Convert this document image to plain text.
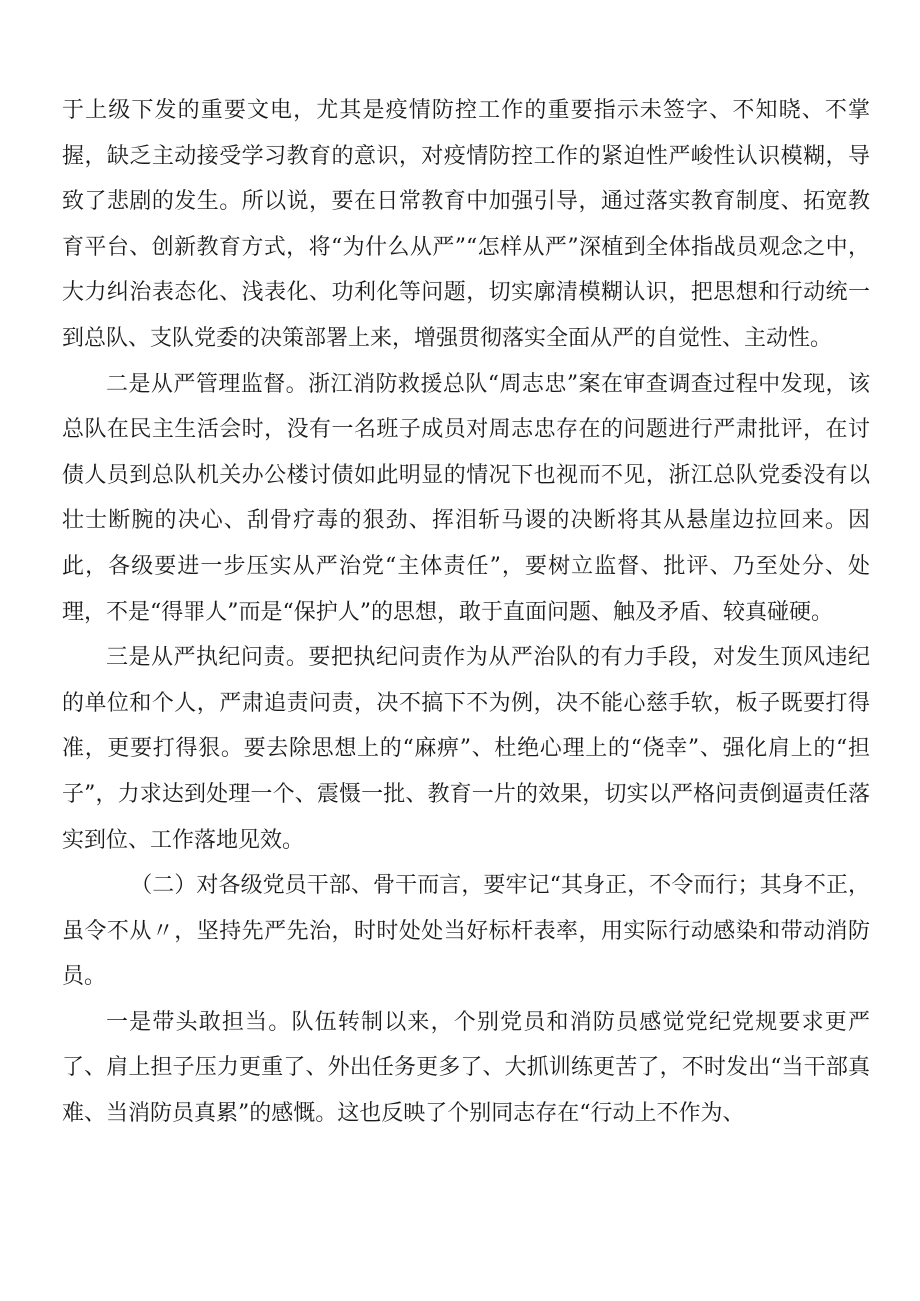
于上级下发的重要文电，尤其是疫情防控工作的重要指示未签字、不知晓、不掌握，缺乏主动接受学习教育的意识，对疫情防控工作的紧迫性严峻性认识模糊，导致了悲剧的发生。所以说，要在日常教育中加强引导，通过落实教育制度、拓宽教育平台、创新教育方式，将“为什么从严”“怎样从严”深植到全体指战员观念之中，大力纠治表态化、浅表化、功利化等问题，切实廓清模糊认识，把思想和行动统一到总队、支队党委的决策部署上来，增强贯彻落实全面从严的自觉性、主动性。

二是从严管理监督。浙江消防救援总队“周志忠”案在审查调查过程中发现，该总队在民主生活会时，没有一名班子成员对周志忠存在的问题进行严肃批评，在讨债人员到总队机关办公楼讨债如此明显的情况下也视而不见，浙江总队党委没有以壮士断腕的决心、刮骨疗毒的狠劲、挥泪斩马谡的决断将其从悬崖边拉回来。因此，各级要进一步压实从严治党“主体责任”，要树立监督、批评、乃至处分、处理，不是“得罪人”而是“保护人”的思想，敢于直面问题、触及矛盾、较真碰硬。

三是从严执纪问责。要把执纪问责作为从严治队的有力手段，对发生顶风违纪的单位和个人，严肃追责问责，决不搞下不为例，决不能心慈手软，板子既要打得准，更要打得狠。要去除思想上的“麻痹”、杜绝心理上的“侥幸”、强化肩上的“担子”，力求达到处理一个、震慑一批、教育一片的效果，切实以严格问责倒逼责任落实到位、工作落地见效。

（二）对各级党员干部、骨干而言，要牢记“其身正，不令而行；其身不正，虽令不从〃，坚持先严先治，时时处处当好标杆表率，用实际行动感染和带动消防员。

一是带头敢担当。队伍转制以来，个别党员和消防员感觉党纪党规要求更严了、肩上担子压力更重了、外出任务更多了、大抓训练更苦了，不时发出“当干部真难、当消防员真累”的感慨。这也反映了个别同志存在“行动上不作为、
